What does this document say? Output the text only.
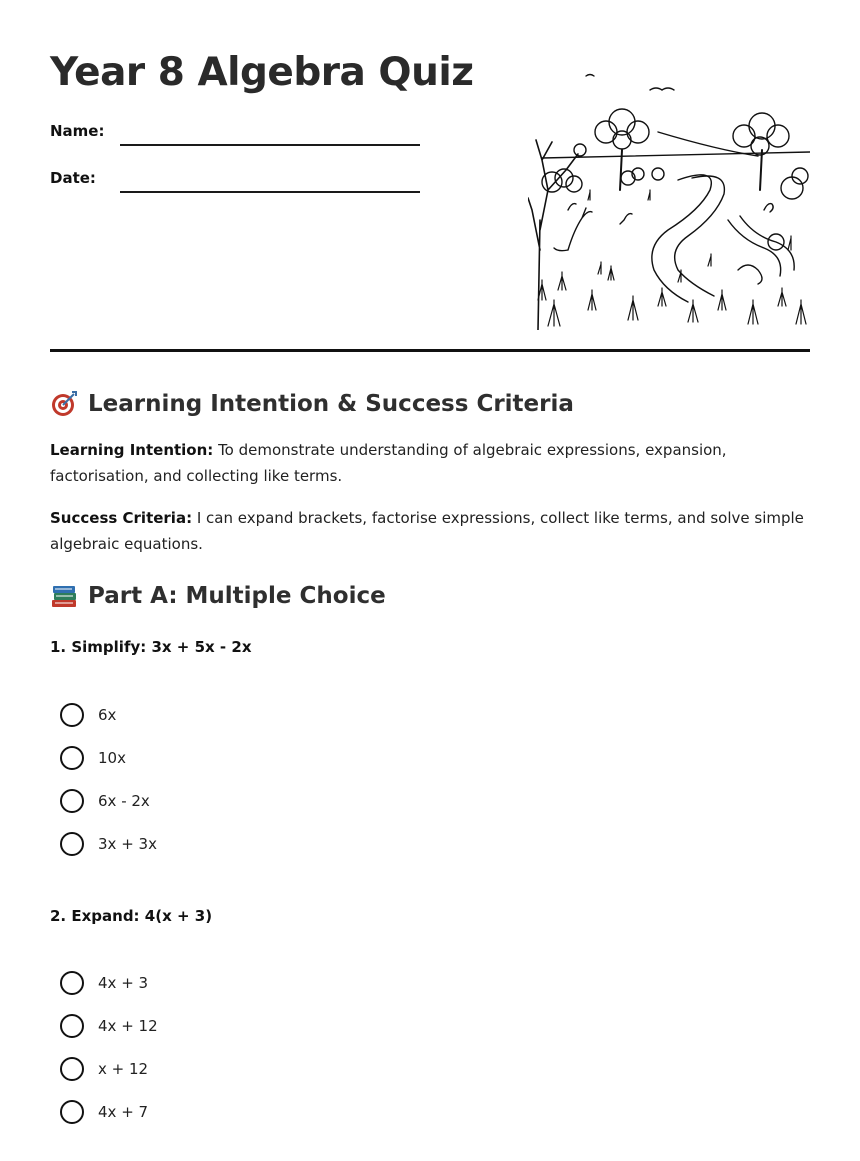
Year 8 Algebra Quiz
Name:
Date:
Learning Intention & Success Criteria

Learning Intention: To demonstrate understanding of algebraic expressions, expansion, factorisation, and collecting like terms.

Success Criteria: I can expand brackets, factorise expressions, collect like terms, and solve simple algebraic equations.

Part A: Multiple Choice

1. Simplify: 3x + 5x - 2x

6x
10x
6x - 2x
3x + 3x

2. Expand: 4(x + 3)

4x + 3
4x + 12
x + 12
4x + 7
